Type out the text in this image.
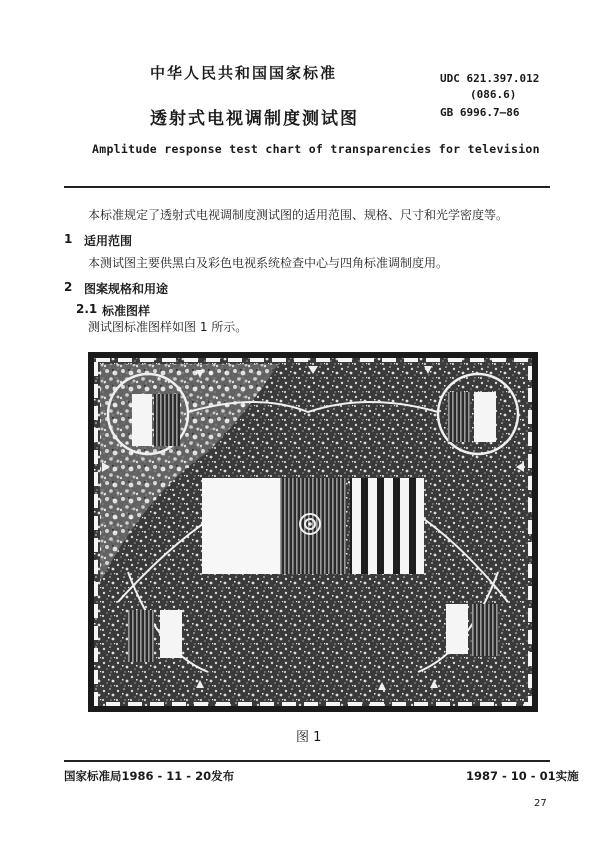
中华人民共和国国家标准	UDC 621.397.012
(086.6)
GB 6996.7—86
透射式电视调制度测试图
Amplitude response test chart of transparencies for television
本标准规定了透射式电视调制度测试图的适用范围、规格、尺寸和光学密度等。
1 适用范围
本测试图主要供黑白及彩色电视系统检查中心与四角标准调制度用。
2 图案规格和用途
2.1 标准图样
测试图标准图样如图 1 所示。
图 1
国家标准局1986 - 11 - 20发布	1987 - 10 - 01实施
27
